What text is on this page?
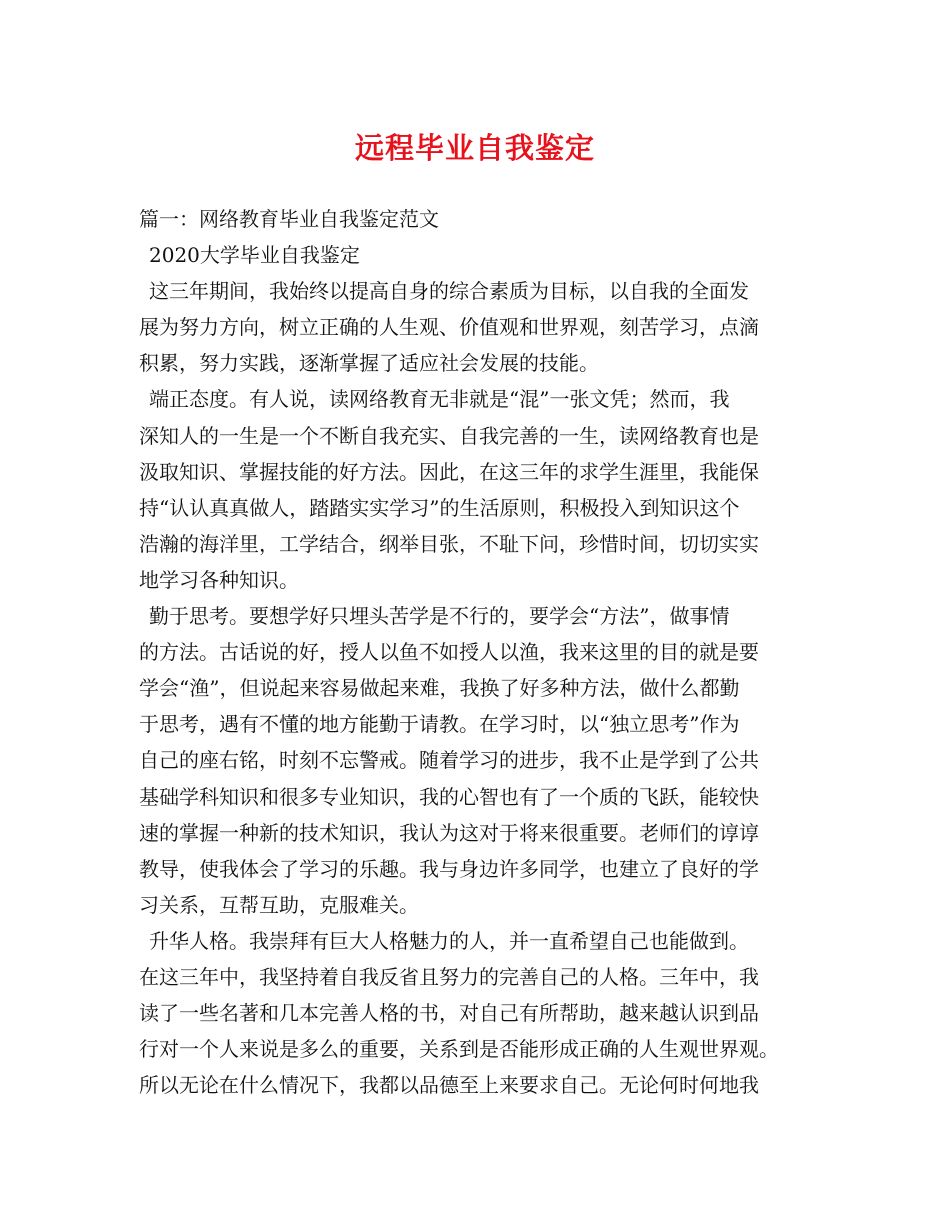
远程毕业自我鉴定

篇一：网络教育毕业自我鉴定范文

2020大学毕业自我鉴定

这三年期间，我始终以提高自身的综合素质为目标，以自我的全面发

展为努力方向，树立正确的人生观、价值观和世界观，刻苦学习，点滴

积累，努力实践，逐渐掌握了适应社会发展的技能。

端正态度。有人说，读网络教育无非就是“混”一张文凭；然而，我

深知人的一生是一个不断自我充实、自我完善的一生，读网络教育也是

汲取知识、掌握技能的好方法。因此，在这三年的求学生涯里，我能保

持“认认真真做人，踏踏实实学习”的生活原则，积极投入到知识这个

浩瀚的海洋里，工学结合，纲举目张，不耻下问，珍惜时间，切切实实

地学习各种知识。

勤于思考。要想学好只埋头苦学是不行的，要学会“方法”，做事情

的方法。古话说的好，授人以鱼不如授人以渔，我来这里的目的就是要

学会“渔”，但说起来容易做起来难，我换了好多种方法，做什么都勤

于思考，遇有不懂的地方能勤于请教。在学习时，以“独立思考”作为

自己的座右铭，时刻不忘警戒。随着学习的进步，我不止是学到了公共

基础学科知识和很多专业知识，我的心智也有了一个质的飞跃，能较快

速的掌握一种新的技术知识，我认为这对于将来很重要。老师们的谆谆

教导，使我体会了学习的乐趣。我与身边许多同学，也建立了良好的学

习关系，互帮互助，克服难关。

升华人格。我崇拜有巨大人格魅力的人，并一直希望自己也能做到。

在这三年中，我坚持着自我反省且努力的完善自己的人格。三年中，我

读了一些名著和几本完善人格的书，对自己有所帮助，越来越认识到品

行对一个人来说是多么的重要，关系到是否能形成正确的人生观世界观。

所以无论在什么情况下，我都以品德至上来要求自己。无论何时何地我
